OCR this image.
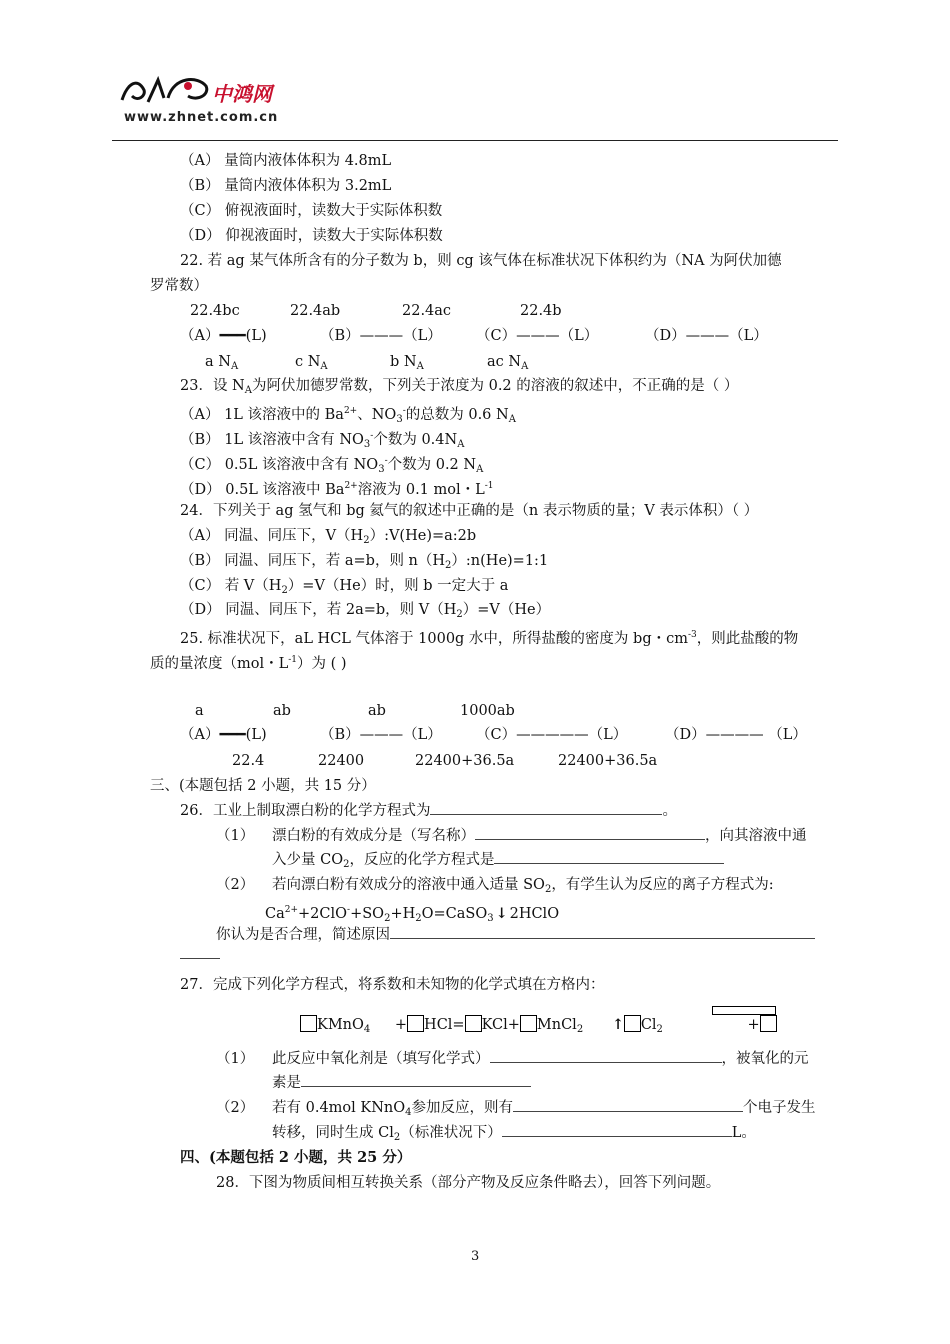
中鸿网
www.zhnet.com.cn
（A） 量筒内液体体积为 4.8mL
（B） 量筒内液体体积为 3.2mL
（C） 俯视液面时，读数大于实际体积数
（D） 仰视液面时，读数大于实际体积数
22. 若 ag 某气体所含有的分子数为 b，则 cg 该气体在标准状况下体积约为（NA 为阿伏加德
罗常数）
22.4bc	22.4ab	22.4ac	22.4b
（A）━━━(L)	（B）———（L） （C）———（L）	（D）———（L）
a $N_A$	c $N_A$	b $N_A$	ac $N_A$
23．设 $N_A$为阿伏加德罗常数，下列关于浓度为 0.2 的溶液的叙述中，不正确的是（ ）
（A） 1L 该溶液中的 $Ba^{2+}$、$NO_3^-$的总数为 0.6 $N_A$
（B） 1L 该溶液中含有 $NO_3^-$个数为 $0.4N_A$
（C） 0.5L 该溶液中含有 $NO_3^-$个数为 0.2 $N_A$
（D） 0.5L 该溶液中 $Ba^{2+}$溶液为 0.1 mol・$L^{-1}$
24．下列关于 ag 氢气和 bg 氦气的叙述中正确的是（n 表示物质的量；V 表示体积）（ ）
（A） 同温、同压下，$V(H_2):V(He)=a:2b$
（B） 同温、同压下，若 a=b，则 $n(H_2):n(He)=1:1$
（C） 若 $V(H_2)=V(He)$时，则 b 一定大于 a
（D） 同温、同压下，若 2a=b，则 $V(H_2)=V(He)$
25. 标准状况下，aL HCL 气体溶于 1000g 水中，所得盐酸的密度为 bg・$cm^{-3}$，则此盐酸的物
质的量浓度（mol・$L^{-1}$）为 ( )
a	ab	ab	1000ab
（A）━━━(L)	（B）———（L） （C）—————（L）	（D）———— （L）
22.4	22400	22400+36.5a	22400+36.5a
三、(本题包括 2 小题，共 15 分）
26．工业上制取漂白粉的化学方程式为	。
（1） 漂白粉的有效成分是（写名称）	，向其溶液中通
入少量 $CO_2$，反应的化学方程式是
（2） 若向漂白粉有效成分的溶液中通入适量 $SO_2$，有学生认为反应的离子方程式为:
$Ca^{2+}+2ClO^-+SO_2+H_2O=CaSO_3$ ↓ 2HClO
你认为是否合理，简述原因
27．完成下列化学方程式，将系数和未知物的化学式填在方格内：
KMnO$_4$ + HCl= KCl+ MnCl$_2$ ↑ $Cl_2$	+
（1） 此反应中氧化剂是（填写化学式）	，被氧化的元
素是
（2） 若有 0.4mol KNnO$_4$参加反应，则有	个电子发生
转移，同时生成 $Cl_2$（标准状况下）	L。
四、(本题包括 2 小题，共 25 分）
28．下图为物质间相互转换关系（部分产物及反应条件略去），回答下列问题。
3
